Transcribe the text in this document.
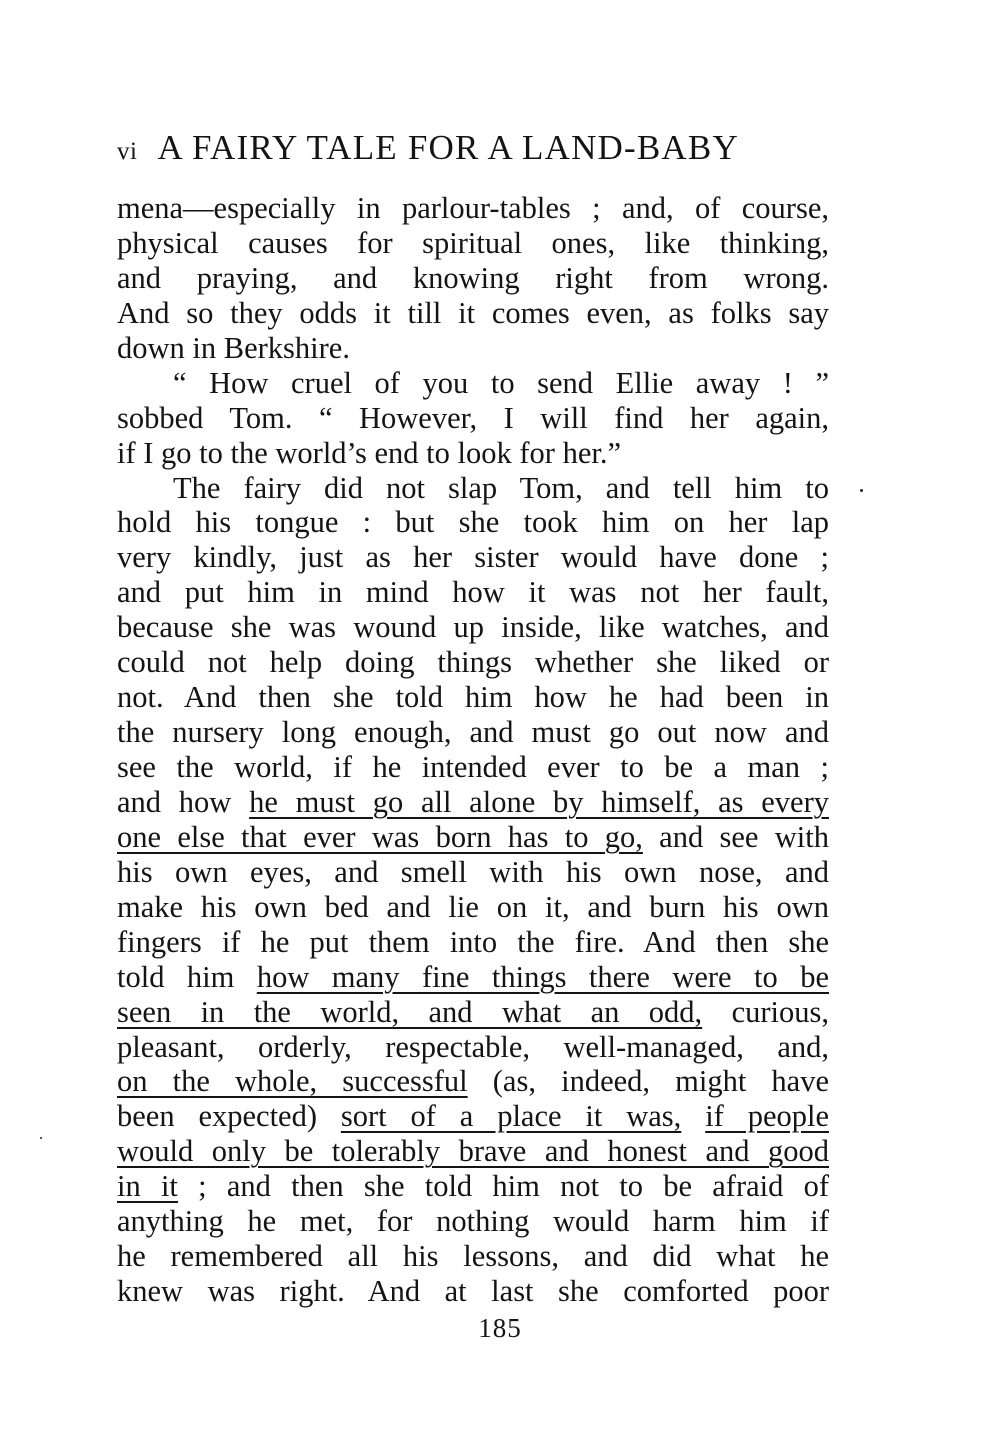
vi A FAIRY TALE FOR A LAND-BABY
mena—especially in parlour-tables ; and, of course,
physical causes for spiritual ones, like thinking,
and praying, and knowing right from wrong.
And so they odds it till it comes even, as folks say
down in Berkshire.
“ How cruel of you to send Ellie away ! ”
sobbed Tom. “ However, I will find her again,
if I go to the world’s end to look for her.”
The fairy did not slap Tom, and tell him to
hold his tongue : but she took him on her lap
very kindly, just as her sister would have done ;
and put him in mind how it was not her fault,
because she was wound up inside, like watches, and
could not help doing things whether she liked or
not. And then she told him how he had been in
the nursery long enough, and must go out now and
see the world, if he intended ever to be a man ;
and how he must go all alone by himself, as every
one else that ever was born has to go, and see with
his own eyes, and smell with his own nose, and
make his own bed and lie on it, and burn his own
fingers if he put them into the fire. And then she
told him how many fine things there were to be
seen in the world, and what an odd, curious,
pleasant, orderly, respectable, well-managed, and,
on the whole, successful (as, indeed, might have
been expected) sort of a place it was, if people
would only be tolerably brave and honest and good
in it ; and then she told him not to be afraid of
anything he met, for nothing would harm him if
he remembered all his lessons, and did what he
knew was right. And at last she comforted poor
185
